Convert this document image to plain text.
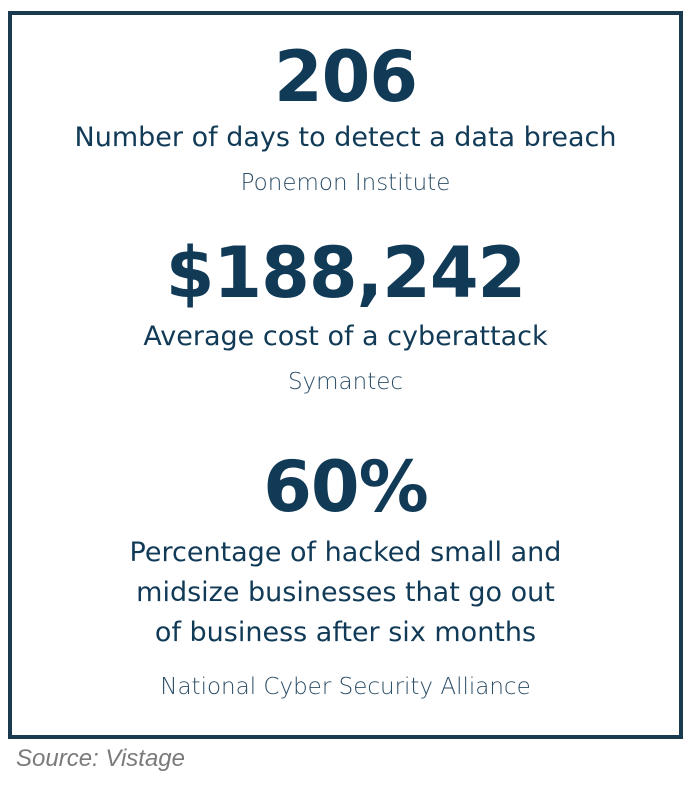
206
Number of days to detect a data breach
Ponemon Institute
$188,242
Average cost of a cyberattack
Symantec
60%
Percentage of hacked small and
midsize businesses that go out
of business after six months
National Cyber Security Alliance
Source: Vistage
